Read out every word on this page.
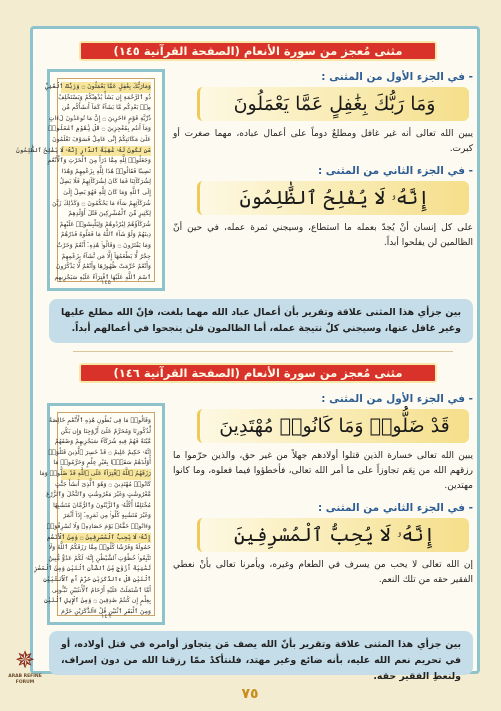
مثنى مُعجز من سورة الأنعام (الصفحة القرآنية ١٤٥)
وَمَارَبُّكَ بِغَٰفِلٍ عَمَّا يَعْمَلُونَ ۝ وَرَبُّكَ ٱلْغَنِيُّ
ذُو ٱلرَّحْمَةِ إِن يَشَأْ يُذْهِبْكُمْ وَيَسْتَخْلِفْ
مِنۢ بَعْدِكُم مَّا يَشَآءُ كَمَآ أَنشَأَكُم مِّن
ذُرِّيَّةِ قَوْمٍ ءَاخَرِينَ ۝ إِنَّ مَا تُوعَدُونَ لَءَاتٍ
وَمَآ أَنتُم بِمُعْجِزِينَ ۝ قُلْ يَٰقَوْمِ ٱعْمَلُوا۟
عَلَىٰ مَكَانَتِكُمْ إِنِّى عَامِلٌ فَسَوْفَ تَعْلَمُونَ
مَن تَكُونُ لَهُۥ عَٰقِبَةُ ٱلدَّارِ إِنَّهُۥ لَا يُفْلِحُ ٱلظَّٰلِمُونَ
وَجَعَلُوا۟ لِلَّهِ مِمَّا ذَرَأَ مِنَ ٱلْحَرْثِ وَٱلْأَنْعَٰمِ
نَصِيبًا فَقَالُوا۟ هَٰذَا لِلَّهِ بِزَعْمِهِمْ وَهَٰذَا
لِشُرَكَآئِنَا فَمَا كَانَ لِشُرَكَآئِهِمْ فَلَا يَصِلُ
إِلَى ٱللَّهِ وَمَا كَانَ لِلَّهِ فَهُوَ يَصِلُ إِلَىٰ
شُرَكَآئِهِمْ سَآءَ مَا يَحْكُمُونَ ۝ وَكَذَٰلِكَ زَيَّنَ
لِكَثِيرٍ مِّنَ ٱلْمُشْرِكِينَ قَتْلَ أَوْلَٰدِهِمْ
شُرَكَآؤُهُمْ لِيُرْدُوهُمْ وَلِيَلْبِسُوا۟ عَلَيْهِمْ
دِينَهُمْ وَلَوْ شَآءَ ٱللَّهُ مَا فَعَلُوهُ فَذَرْهُمْ
وَمَا يَفْتَرُونَ ۝ وَقَالُوا۟ هَٰذِهِۦٓ أَنْعَٰمٌ وَحَرْثٌ
حِجْرٌ لَّا يَطْعَمُهَآ إِلَّا مَن نَّشَآءُ بِزَعْمِهِمْ
وَأَنْعَٰمٌ حُرِّمَتْ ظُهُورُهَا وَأَنْعَٰمٌ لَّا يَذْكُرُونَ
ٱسْمَ ٱللَّهِ عَلَيْهَا ٱفْتِرَآءً عَلَيْهِ سَيَجْزِيهِم
١٤٥
- في الجزء الأول من المثنى :
وَمَا رَبُّكَ بِغَٰفِلٍ عَمَّا يَعْمَلُونَ
يبين الله تعالى أنه غير غافل ومطلعٌ دوماً على أعمال عباده، مهما صغرت أو كبرت.
- في الجزء الثاني من المثنى :
إِنَّهُۥ لَا يُفْلِحُ ٱلظَّٰلِمُونَ
على كل إنسان أنْ يُجدّ بعمله ما استطاع، وسيجني ثمرة عمله، في حين أنّ الظالمين لن يفلحوا أبداً.
بين جزأي هذا المثنى علاقة وتقرير بأن أعمال عباد الله مهما بلغت، فإنّ الله مطلع عليها وغير غافل عنها، وسيجني كلٌ نتيجة عمله، أما الظالمون فلن ينجحوا في أعمالهم أبداً.
مثنى مُعجز من سورة الأنعام (الصفحة القرآنية ١٤٦)
وَقَالُوا۟ مَا فِى بُطُونِ هَٰذِهِ ٱلْأَنْعَٰمِ خَالِصَةٌ
لِّذُكُورِنَا وَمُحَرَّمٌ عَلَىٰٓ أَزْوَٰجِنَا وَإِن يَكُن
مَّيْتَةً فَهُمْ فِيهِ شُرَكَآءُ سَيَجْزِيهِمْ وَصْفَهُمْ
إِنَّهُۥ حَكِيمٌ عَلِيمٌ ۝ قَدْ خَسِرَ ٱلَّذِينَ قَتَلُوٓا۟
أَوْلَٰدَهُمْ سَفَهًۢا بِغَيْرِ عِلْمٍ وَحَرَّمُوا۟ مَا
رَزَقَهُمُ ٱللَّهُ ٱفْتِرَآءً عَلَى ٱللَّهِ قَدْ ضَلُّوا۟ وَمَا
كَانُوا۟ مُهْتَدِينَ ۝ وَهُوَ ٱلَّذِىٓ أَنشَأَ جَنَّٰتٍ
مَّعْرُوشَٰتٍ وَغَيْرَ مَعْرُوشَٰتٍ وَٱلنَّخْلَ وَٱلزَّرْعَ
مُخْتَلِفًا أُكُلُهُۥ وَٱلزَّيْتُونَ وَٱلرُّمَّانَ مُتَشَٰبِهًا
وَغَيْرَ مُتَشَٰبِهٍ كُلُوا۟ مِن ثَمَرِهِۦٓ إِذَآ أَثْمَرَ
وَءَاتُوا۟ حَقَّهُۥ يَوْمَ حَصَادِهِۦ وَلَا تُسْرِفُوٓا۟
إِنَّهُۥ لَا يُحِبُّ ٱلْمُسْرِفِينَ ۝ وَمِنَ ٱلْأَنْعَٰمِ
حَمُولَةً وَفَرْشًا كُلُوا۟ مِمَّا رَزَقَكُمُ ٱللَّهُ وَلَا
تَتَّبِعُوا۟ خُطُوَٰتِ ٱلشَّيْطَٰنِ إِنَّهُۥ لَكُمْ عَدُوٌّ مُّبِينٌ
ثَمَٰنِيَةَ أَزْوَٰجٍ مِّنَ ٱلضَّأْنِ ٱثْنَيْنِ وَمِنَ ٱلْمَعْزِ
ٱثْنَيْنِ قُلْ ءَآلذَّكَرَيْنِ حَرَّمَ أَمِ ٱلْأُنثَيَيْنِ
أَمَّا ٱشْتَمَلَتْ عَلَيْهِ أَرْحَامُ ٱلْأُنثَيَيْنِ نَبِّـُٔونِى
بِعِلْمٍ إِن كُنتُمْ صَٰدِقِينَ ۝ وَمِنَ ٱلْإِبِلِ ٱثْنَيْنِ
وَمِنَ ٱلْبَقَرِ ٱثْنَيْنِ قُلْ ءَآلذَّكَرَيْنِ حَرَّمَ
١٤٦
- في الجزء الأول من المثنى :
قَدْ ضَلُّوا۟ وَمَا كَانُوا۟ مُهْتَدِينَ
يبين الله تعالى خسارة الذين قتلوا أولادهم جهلاً من غير حق، والذين حرّموا ما رزقهم الله من نِعَم تجاوزاً على ما أمر الله تعالى، فأخطؤوا فيما فعلوه، وما كانوا مهتدين.
- في الجزء الثاني من المثنى :
إِنَّهُۥ لَا يُحِبُّ ٱلْمُسْرِفِينَ
إن الله تعالى لا يحب من يسرف في الطعام وغيره، ويأمرنا تعالى بأنْ نعطي الفقير حقه من تلك النعم.
بين جزأي هذا المثنى علاقة وتقرير بأنّ الله يصف مَن يتجاوز أوامره في قتل أولاده، أو في تحريم نعم الله عليه، بأنه ضائع وغير مهتد، فلنتأكدْ ممّا رزقنا الله من دون إسراف، ولنعطِ الفقير حقه.
٧٥
✵
ARAB REFINE FORUM
